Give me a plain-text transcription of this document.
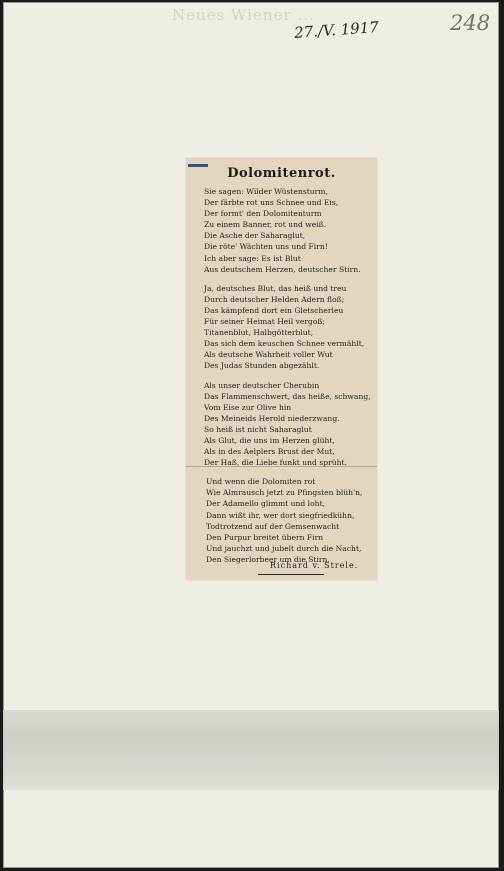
Neues Wiener ...
27./V. 1917	248
Dolomitenrot.
Sie sagen: Wilder Wüstensturm,
Der färbte rot uns Schnee und Eis,
Der formt' den Dolomitenturm
Zu einem Banner, rot und weiß.
Die Asche der Saharaglut,
Die röte' Wächten uns und Firn!
Ich aber sage: Es ist Blut
Aus deutschem Herzen, deutscher Stirn.
Ja, deutsches Blut, das heiß und treu
Durch deutscher Helden Adern floß;
Das kämpfend dort ein Gletscherleu
Für seiner Heimat Heil vergoß;
Titanenblut, Halbgötterblut,
Das sich dem keuschen Schnee vermählt,
Als deutsche Wahrheit voller Wut
Des Judas Stunden abgezählt.
Als unser deutscher Cherubin
Das Flammenschwert, das heiße, schwang,
Vom Eise zur Olive hin
Des Meineids Herold niederzwang.
So heiß ist nicht Saharaglut
Als Glut, die uns im Herzen glüht,
Als in des Aelplers Brust der Mut,
Der Haß, die Liebe funkt und sprüht.
Und wenn die Dolomiten rot
Wie Almrausch jetzt zu Pfingsten blüh'n,
Der Adamello glimmt und loht,
Dann wißt ihr, wer dort siegfriedkühn,
Todtrotzend auf der Gemsenwacht
Den Purpur breitet übern Firn
Und jauchzt und jubelt durch die Nacht,
Den Siegerlorbeer um die Stirn.
Richard v. Strele.
